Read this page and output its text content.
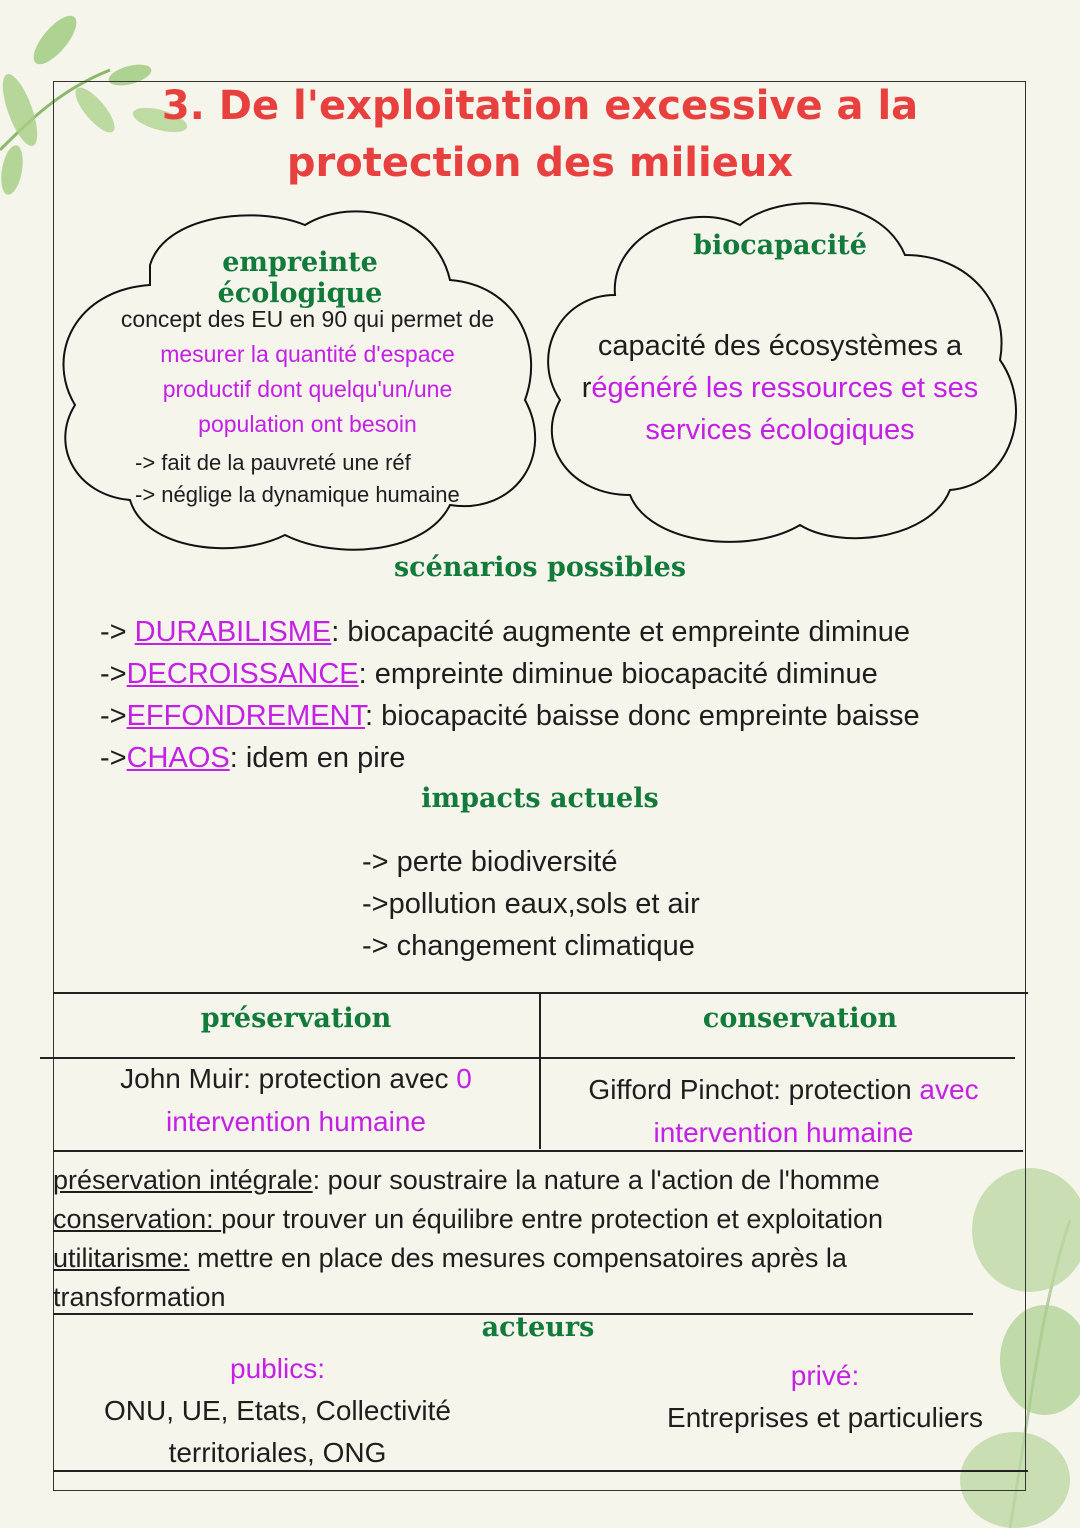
3. De l'exploitation excessive a la
protection des milieux
empreinte écologique
concept des EU en 90 qui permet de
mesurer la quantité d'espace
productif dont quelqu'un/une
population ont besoin
-> fait de la pauvreté une réf
-> néglige la dynamique humaine
biocapacité
capacité des écosystèmes a
régénéré les ressources et ses
services écologiques
scénarios possibles
-> DURABILISME: biocapacité augmente et empreinte diminue
->DECROISSANCE: empreinte diminue biocapacité diminue
->EFFONDREMENT: biocapacité baisse donc empreinte baisse
->CHAOS: idem en pire
impacts actuels
-> perte biodiversité
->pollution eaux,sols et air
-> changement climatique
préservation	conservation
John Muir: protection avec 0
intervention humaine
Gifford Pinchot: protection avec
intervention humaine
préservation intégrale: pour soustraire la nature a l'action de l'homme
conservation: pour trouver un équilibre entre protection et exploitation
utilitarisme: mettre en place des mesures compensatoires après la
transformation
acteurs
publics:
ONU, UE, Etats, Collectivité
territoriales, ONG
privé:
Entreprises et particuliers
